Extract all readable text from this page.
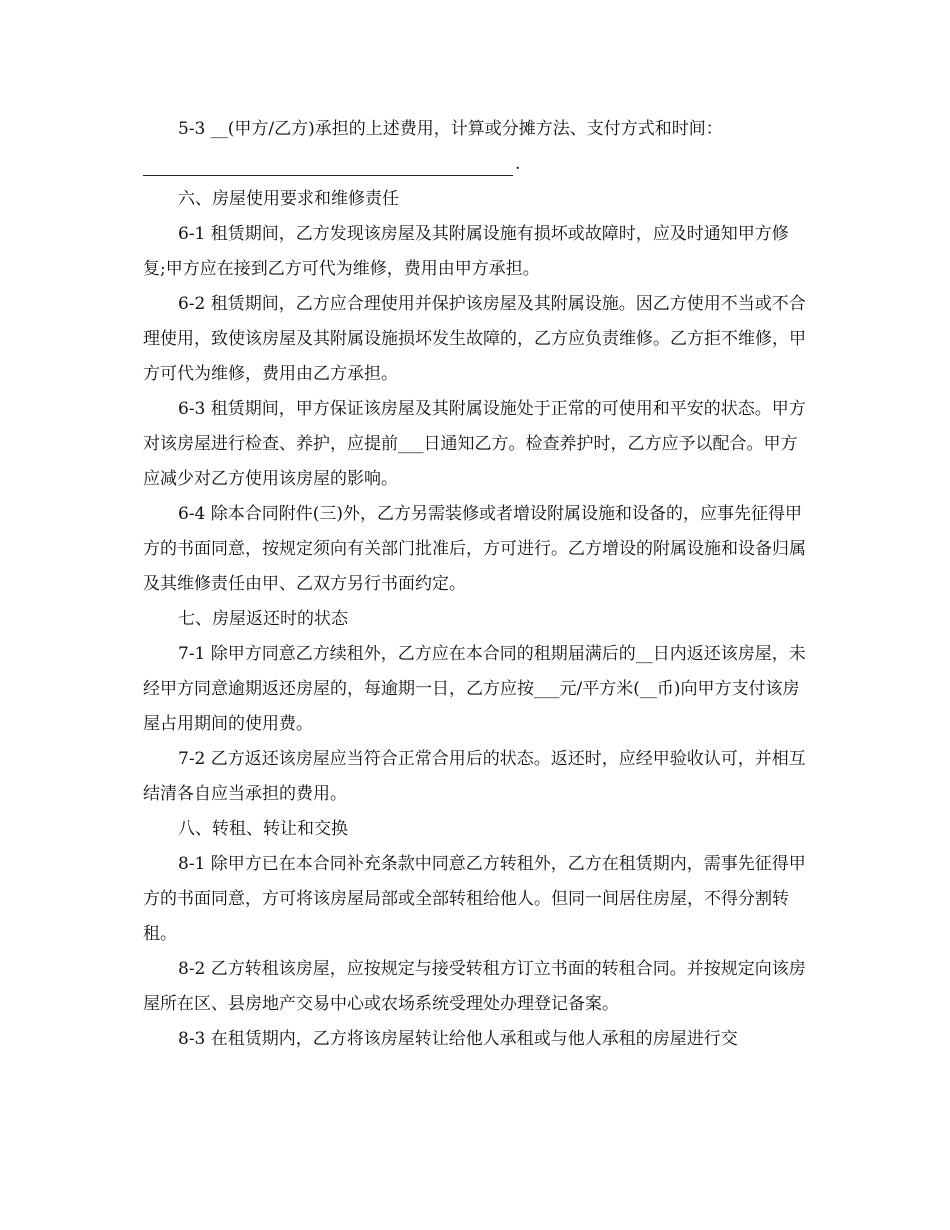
5-3 __(甲方/乙方)承担的上述费用，计算或分摊方法、支付方式和时间：

.

六、房屋使用要求和维修责任

6-1 租赁期间，乙方发现该房屋及其附属设施有损坏或故障时，应及时通知甲方修复;甲方应在接到乙方可代为维修，费用由甲方承担。

6-2 租赁期间，乙方应合理使用并保护该房屋及其附属设施。因乙方使用不当或不合理使用，致使该房屋及其附属设施损坏发生故障的，乙方应负责维修。乙方拒不维修，甲方可代为维修，费用由乙方承担。

6-3 租赁期间，甲方保证该房屋及其附属设施处于正常的可使用和平安的状态。甲方对该房屋进行检查、养护，应提前___日通知乙方。检查养护时，乙方应予以配合。甲方应减少对乙方使用该房屋的影响。

6-4 除本合同附件(三)外，乙方另需装修或者增设附属设施和设备的，应事先征得甲方的书面同意，按规定须向有关部门批准后，方可进行。乙方增设的附属设施和设备归属及其维修责任由甲、乙双方另行书面约定。

七、房屋返还时的状态

7-1 除甲方同意乙方续租外，乙方应在本合同的租期届满后的__日内返还该房屋，未经甲方同意逾期返还房屋的，每逾期一日，乙方应按___元/平方米(__币)向甲方支付该房屋占用期间的使用费。

7-2 乙方返还该房屋应当符合正常合用后的状态。返还时，应经甲验收认可，并相互结清各自应当承担的费用。

八、转租、转让和交换

8-1 除甲方已在本合同补充条款中同意乙方转租外，乙方在租赁期内，需事先征得甲方的书面同意，方可将该房屋局部或全部转租给他人。但同一间居住房屋，不得分割转租。

8-2 乙方转租该房屋，应按规定与接受转租方订立书面的转租合同。并按规定向该房屋所在区、县房地产交易中心或农场系统受理处办理登记备案。

8-3 在租赁期内，乙方将该房屋转让给他人承租或与他人承租的房屋进行交
